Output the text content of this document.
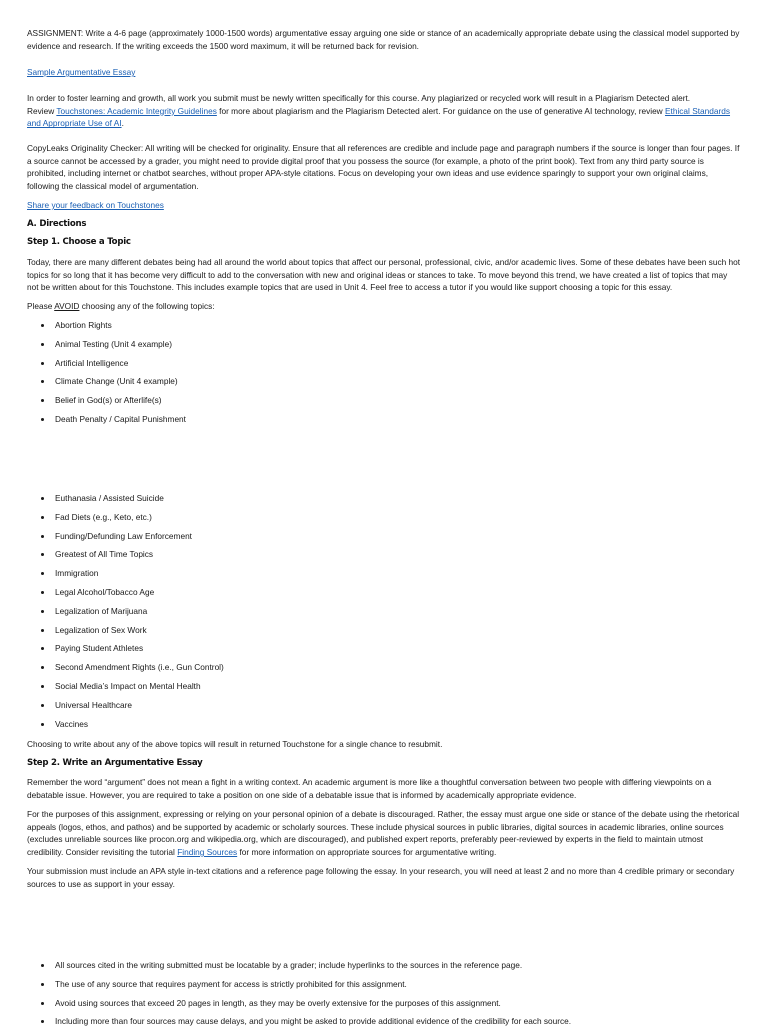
ASSIGNMENT: Write a 4-6 page (approximately 1000-1500 words) argumentative essay arguing one side or stance of an academically appropriate debate using the classical model supported by evidence and research. If the writing exceeds the 1500 word maximum, it will be returned back for revision.

Sample Argumentative Essay

In order to foster learning and growth, all work you submit must be newly written specifically for this course. Any plagiarized or recycled work will result in a Plagiarism Detected alert.

Review Touchstones: Academic Integrity Guidelines for more about plagiarism and the Plagiarism Detected alert. For guidance on the use of generative AI technology, review Ethical Standards and Appropriate Use of AI.

CopyLeaks Originality Checker: All writing will be checked for originality. Ensure that all references are credible and include page and paragraph numbers if the source is longer than four pages. If a source cannot be accessed by a grader, you might need to provide digital proof that you possess the source (for example, a photo of the print book). Text from any third party source is prohibited, including internet or chatbot searches, without proper APA-style citations. Focus on developing your own ideas and use evidence sparingly to support your own original claims, following the classical model of argumentation.

Share your feedback on Touchstones
A. Directions
Step 1. Choose a Topic

Today, there are many different debates being had all around the world about topics that affect our personal, professional, civic, and/or academic lives. Some of these debates have been such hot topics for so long that it has become very difficult to add to the conversation with new and original ideas or stances to take. To move beyond this trend, we have created a list of topics that may not be written about for this Touchstone. This includes example topics that are used in Unit 4. Feel free to access a tutor if you would like support choosing a topic for this essay.

Please AVOID choosing any of the following topics:

Abortion Rights
Animal Testing (Unit 4 example)
Artificial Intelligence
Climate Change (Unit 4 example)
Belief in God(s) or Afterlife(s)
Death Penalty / Capital Punishment
Euthanasia / Assisted Suicide
Fad Diets (e.g., Keto, etc.)
Funding/Defunding Law Enforcement
Greatest of All Time Topics
Immigration
Legal Alcohol/Tobacco Age
Legalization of Marijuana
Legalization of Sex Work
Paying Student Athletes
Second Amendment Rights (i.e., Gun Control)
Social Media’s Impact on Mental Health
Universal Healthcare
Vaccines

Choosing to write about any of the above topics will result in returned Touchstone for a single chance to resubmit.

Step 2. Write an Argumentative Essay

Remember the word “argument” does not mean a fight in a writing context. An academic argument is more like a thoughtful conversation between two people with differing viewpoints on a debatable issue. However, you are required to take a position on one side of a debatable issue that is informed by academically appropriate evidence.

For the purposes of this assignment, expressing or relying on your personal opinion of a debate is discouraged. Rather, the essay must argue one side or stance of the debate using the rhetorical appeals (logos, ethos, and pathos) and be supported by academic or scholarly sources. These include physical sources in public libraries, digital sources in academic libraries, online sources (excludes unreliable sources like procon.org and wikipedia.org, which are discouraged), and published expert reports, preferably peer-reviewed by experts in the field to maintain utmost credibility. Consider revisiting the tutorial Finding Sources for more information on appropriate sources for argumentative writing.

Your submission must include an APA style in-text citations and a reference page following the essay. In your research, you will need at least 2 and no more than 4 credible primary or secondary sources to use as support in your essay.

All sources cited in the writing submitted must be locatable by a grader; include hyperlinks to the sources in the reference page.
The use of any source that requires payment for access is strictly prohibited for this assignment.
Avoid using sources that exceed 20 pages in length, as they may be overly extensive for the purposes of this assignment.
Including more than four sources may cause delays, and you might be asked to provide additional evidence of the credibility for each source.
